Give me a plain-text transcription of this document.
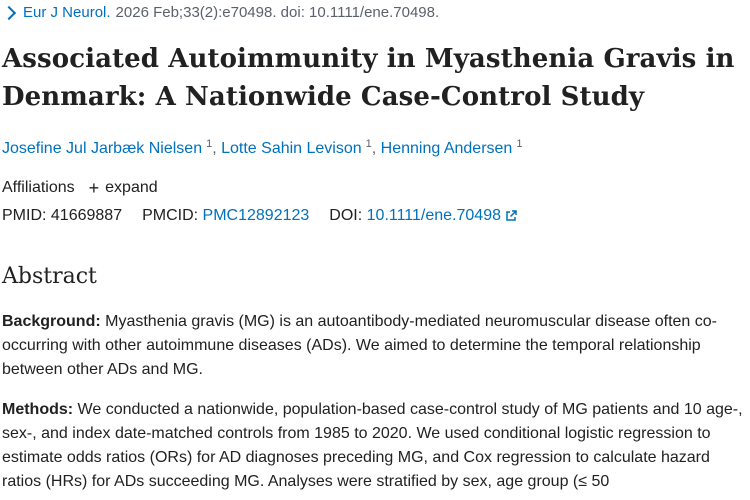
Eur J Neurol. 2026 Feb;33(2):e70498. doi: 10.1111/ene.70498.
Associated Autoimmunity in Myasthenia Gravis in Denmark: A Nationwide Case-Control Study
Josefine Jul Jarbæk Nielsen $^1$, Lotte Sahin Levison $^1$, Henning Andersen $^1$
Affiliations + expand
PMID:
41669887 PMCID:
PMC12892123 DOI:
10.1111/ene.70498
Abstract
Background: Myasthenia gravis (MG) is an autoantibody-mediated neuromuscular disease often co-occurring with other autoimmune diseases (ADs). We aimed to determine the temporal relationship between other ADs and MG.
Methods: We conducted a nationwide, population-based case-control study of MG patients and 10 age-, sex-, and index date-matched controls from 1985 to 2020. We used conditional logistic regression to estimate odds ratios (ORs) for AD diagnoses preceding MG, and Cox regression to calculate hazard ratios (HRs) for ADs succeeding MG. Analyses were stratified by sex, age group (≤ 50
